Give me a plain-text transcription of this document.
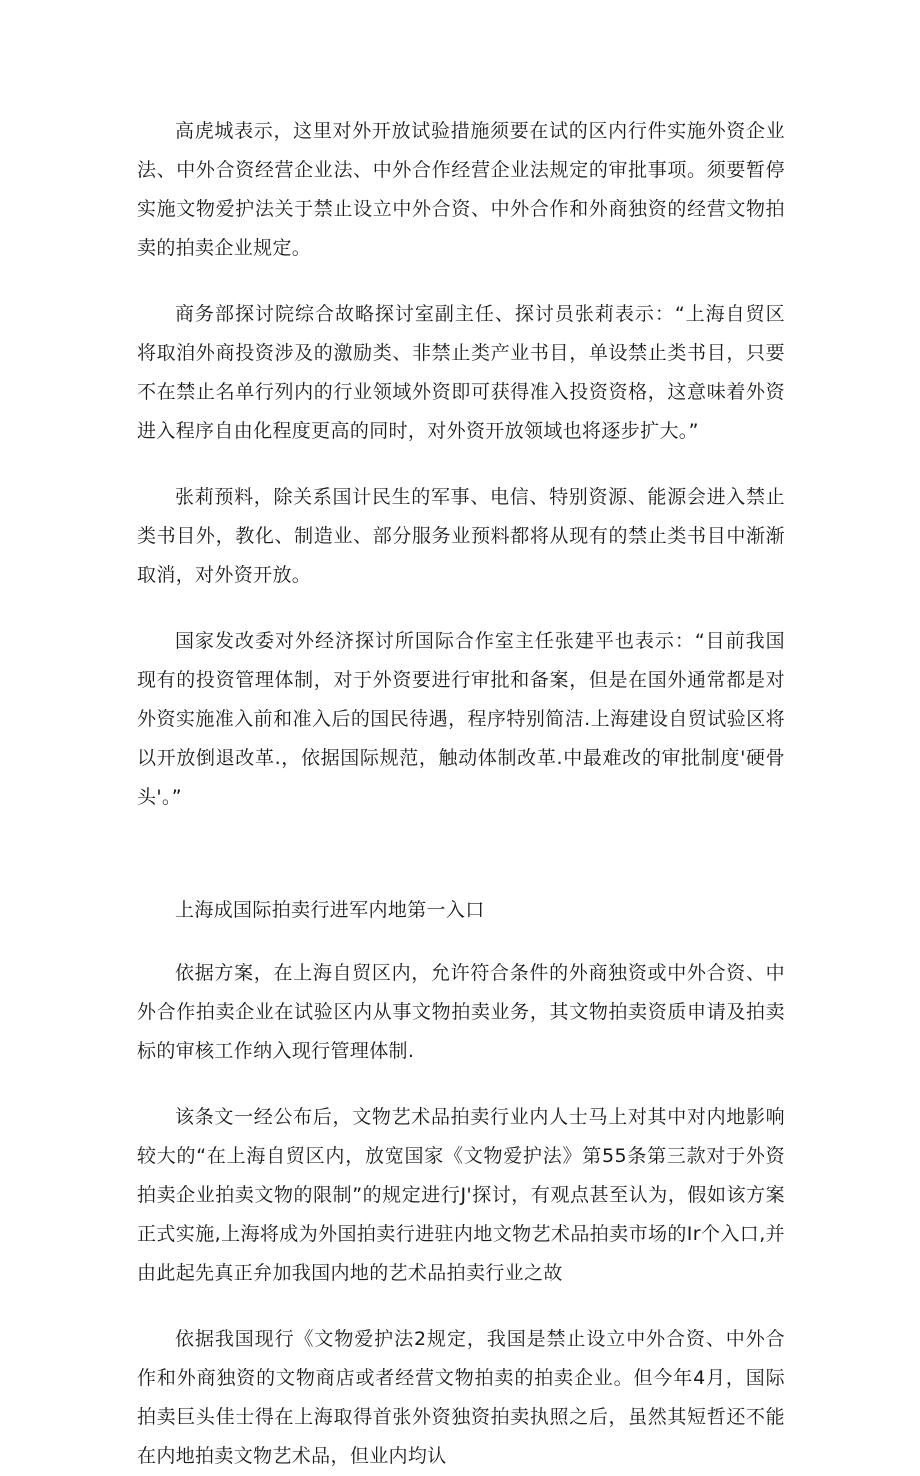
高虎城表示，这里对外开放试验措施须要在试的区内行件实施外资企业法、中外合资经营企业法、中外合作经营企业法规定的审批事项。须要暂停实施文物爱护法关于禁止设立中外合资、中外合作和外商独资的经营文物拍卖的拍卖企业规定。

商务部探讨院综合故略探讨室副主任、探讨员张莉表示：“上海自贸区将取洎外商投资涉及的激励类、非禁止类产业书目，单设禁止类书目，只要不在禁止名单行列内的行业领域外资即可获得准入投资资格，这意味着外资进入程序自由化程度更高的同时，对外资开放领域也将逐步扩大。”

张莉预料，除关系国计民生的军事、电信、特别资源、能源会进入禁止类书目外，教化、制造业、部分服务业预料都将从现有的禁止类书目中渐渐取消，对外资开放。

国家发改委对外经济探讨所国际合作室主任张建平也表示：“目前我国现有的投资管理体制，对于外资要进行审批和备案，但是在国外通常都是对外资实施准入前和准入后的国民待遇，程序特别简洁.上海建设自贸试验区将以开放倒退改革.，依据国际规范，触动体制改革.中最难改的审批制度'硬骨头'。”

上海成国际拍卖行进军内地第一入口

依据方案，在上海自贸区内，允许符合条件的外商独资或中外合资、中外合作拍卖企业在试验区内从事文物拍卖业务，其文物拍卖资质申请及拍卖标的审核工作纳入现行管理体制.

该条文一经公布后，文物艺术品拍卖行业内人士马上对其中对内地影响较大的“在上海自贸区内，放宽国家《文物爱护法》第55条第三款对于外资拍卖企业拍卖文物的限制”的规定进行J'探讨，有观点甚至认为，假如该方案正式实施,上海将成为外国拍卖行进驻内地文物艺术品拍卖市场的Ir个入口,并由此起先真正弁加我国内地的艺术品拍卖行业之故

依据我国现行《文物爱护法2规定，我国是禁止设立中外合资、中外合作和外商独资的文物商店或者经营文物拍卖的拍卖企业。但今年4月，国际拍卖巨头佳士得在上海取得首张外资独资拍卖执照之后，虽然其短哲还不能在内地拍卖文物艺术品，但业内均认
